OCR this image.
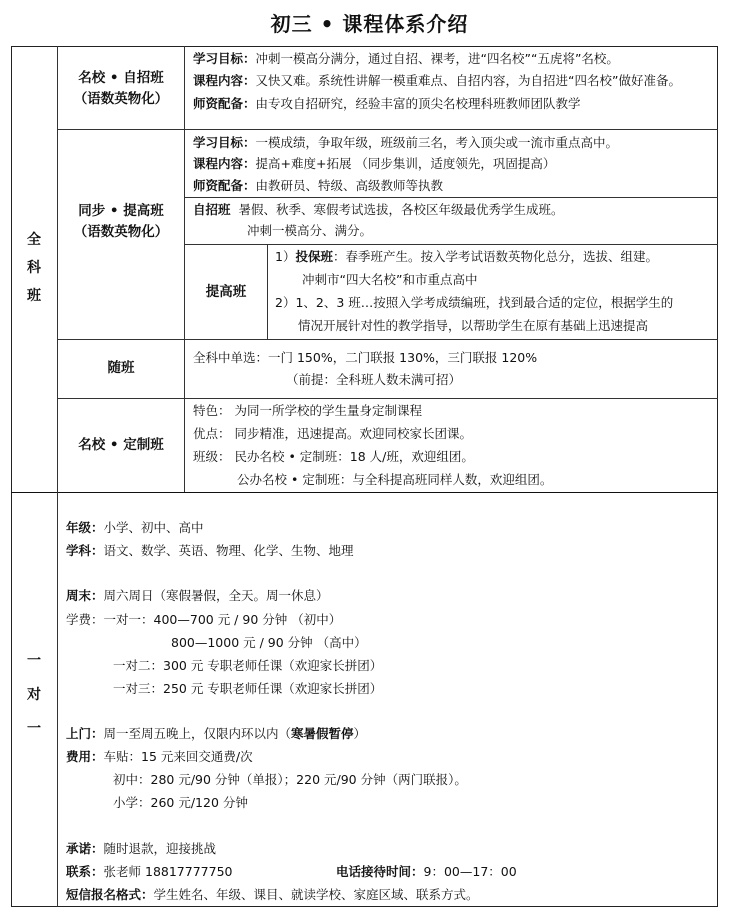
初三 • 课程体系介绍
全
科
班
名校 • 自招班
（语数英物化）
学习目标：冲刺一模高分满分，通过自招、裸考，进“四名校”“五虎将”名校。
课程内容：又快又难。系统性讲解一模重难点、自招内容，为自招进“四名校”做好准备。
师资配备：由专攻自招研究，经验丰富的顶尖名校理科班教师团队教学
同步 • 提高班
（语数英物化）
学习目标：一模成绩，争取年级，班级前三名，考入顶尖或一流市重点高中。
课程内容：提高+难度+拓展 （同步集训，适度领先，巩固提高）
师资配备：由教研员、特级、高级教师等执教
自招班 暑假、秋季、寒假考试选拔，各校区年级最优秀学生成班。
冲刺一模高分、满分。
提高班
1）投保班：春季班产生。按入学考试语数英物化总分，选拔、组建。
冲刺市“四大名校”和市重点高中
2）1、2、3 班…按照入学考成绩编班，找到最合适的定位，根据学生的
情况开展针对性的教学指导，以帮助学生在原有基础上迅速提高
随班
全科中单选：一门 150%，二门联报 130%，三门联报 120%
（前提：全科班人数未满可招）
名校 • 定制班
特色： 为同一所学校的学生量身定制课程
优点： 同步精准，迅速提高。欢迎同校家长团课。
班级： 民办名校 • 定制班：18 人/班，欢迎组团。
公办名校 • 定制班：与全科提高班同样人数，欢迎组团。
一
对
一
年级：小学、初中、高中
学科：语文、数学、英语、物理、化学、生物、地理
周末：周六周日（寒假暑假，全天。周一休息）
学费：一对一：400—700 元 / 90 分钟 （初中）
800—1000 元 / 90 分钟 （高中）
一对二：300 元 专职老师任课（欢迎家长拼团）
一对三：250 元 专职老师任课（欢迎家长拼团）
上门：周一至周五晚上，仅限内环以内（寒暑假暂停）
费用：车贴：15 元来回交通费/次
初中：280 元/90 分钟（单报）；220 元/90 分钟（两门联报）。
小学：260 元/120 分钟
承诺：随时退款，迎接挑战
联系：张老师 18817777750	电话接待时间：9：00—17：00
短信报名格式：学生姓名、年级、课目、就读学校、家庭区域、联系方式。
